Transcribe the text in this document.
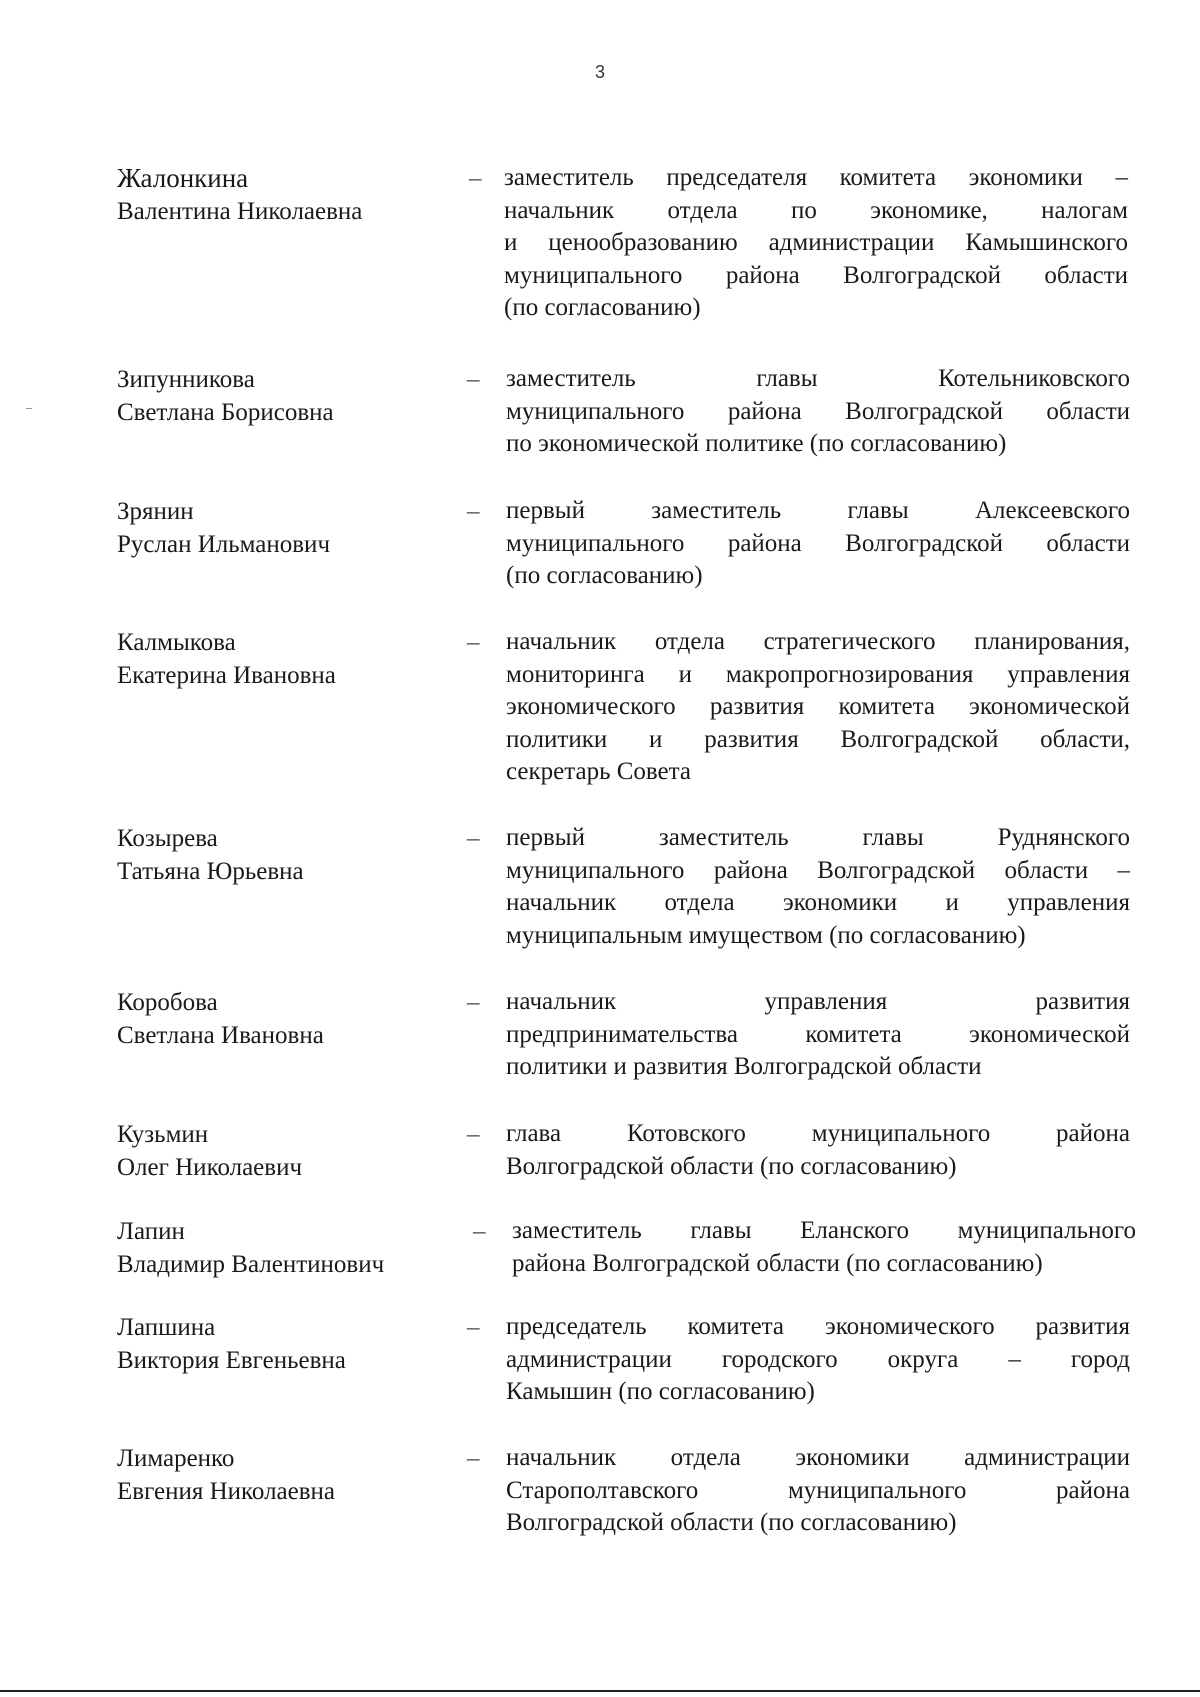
3
Жалонкина
Валентина Николаевна
– заместитель председателя комитета экономики –
начальник отдела по экономике, налогам
и ценообразованию администрации Камышинского
муниципального района Волгоградской области
(по согласованию)
Зипунникова
Светлана Борисовна
– заместитель главы Котельниковского
муниципального района Волгоградской области
по экономической политике (по согласованию)
Зрянин
Руслан Ильманович
– первый заместитель главы Алексеевского
муниципального района Волгоградской области
(по согласованию)
Калмыкова
Екатерина Ивановна
– начальник отдела стратегического планирования,
мониторинга и макропрогнозирования управления
экономического развития комитета экономической
политики и развития Волгоградской области,
секретарь Совета
Козырева
Татьяна Юрьевна
– первый заместитель главы Руднянского
муниципального района Волгоградской области –
начальник отдела экономики и управления
муниципальным имуществом (по согласованию)
Коробова
Светлана Ивановна
– начальник управления развития
предпринимательства комитета экономической
политики и развития Волгоградской области
Кузьмин
Олег Николаевич
– глава Котовского муниципального района
Волгоградской области (по согласованию)
Лапин
Владимир Валентинович
– заместитель главы Еланского муниципального
района Волгоградской области (по согласованию)
Лапшина
Виктория Евгеньевна
– председатель комитета экономического развития
администрации городского округа – город
Камышин (по согласованию)
Лимаренко
Евгения Николаевна
– начальник отдела экономики администрации
Старополтавского муниципального района
Волгоградской области (по согласованию)
